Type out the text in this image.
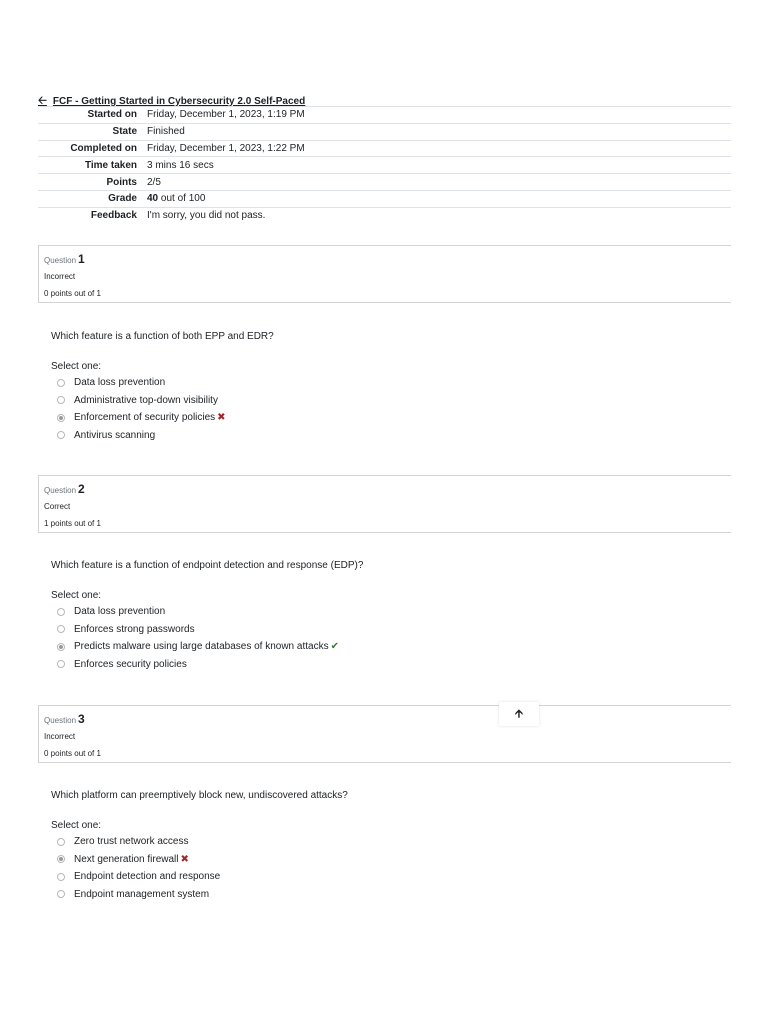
🡠 FCF - Getting Started in Cybersecurity 2.0 Self-Paced
Started on	Friday, December 1, 2023, 1:19 PM
State	Finished
Completed on	Friday, December 1, 2023, 1:22 PM
Time taken	3 mins 16 secs
Points	2/5
Grade	40 out of 100
Feedback	I'm sorry, you did not pass.
Question 1
Incorrect
0 points out of 1
Which feature is a function of both EPP and EDR?
Select one:
Data loss prevention
Administrative top-down visibility
Enforcement of security policies ✖
Antivirus scanning
Question 2
Correct
1 points out of 1
Which feature is a function of endpoint detection and response (EDP)?
Select one:
Data loss prevention
Enforces strong passwords
Predicts malware using large databases of known attacks ✔
Enforces security policies
Question 3
Incorrect
0 points out of 1
Which platform can preemptively block new, undiscovered attacks?
Select one:
Zero trust network access
Next generation firewall ✖
Endpoint detection and response
Endpoint management system
🡩
